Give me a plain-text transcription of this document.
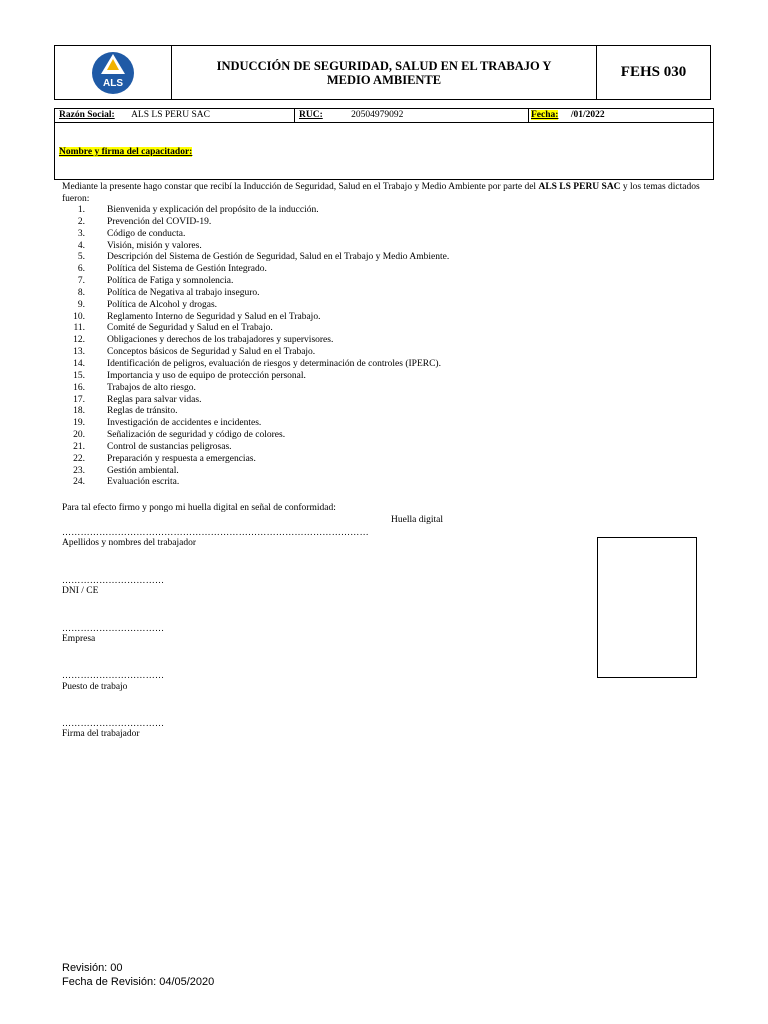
ALS
INDUCCIÓN DE SEGURIDAD, SALUD EN EL TRABAJO Y MEDIO AMBIENTE	FEHS 030
Razón Social: ALS LS PERU SAC	RUC:	20504979092	Fecha: /01/2022
Nombre y firma del capacitador:
Mediante la presente hago constar que recibí la Inducción de Seguridad, Salud en el Trabajo y Medio Ambiente por parte del ALS LS PERU SAC y los temas dictados fueron:
1. Bienvenida y explicación del propósito de la inducción.
2. Prevención del COVID-19.
3. Código de conducta.
4. Visión, misión y valores.
5. Descripción del Sistema de Gestión de Seguridad, Salud en el Trabajo y Medio Ambiente.
6. Política del Sistema de Gestión Integrado.
7. Política de Fatiga y somnolencia.
8. Política de Negativa al trabajo inseguro.
9. Política de Alcohol y drogas.
10. Reglamento Interno de Seguridad y Salud en el Trabajo.
11. Comité de Seguridad y Salud en el Trabajo.
12. Obligaciones y derechos de los trabajadores y supervisores.
13. Conceptos básicos de Seguridad y Salud en el Trabajo.
14. Identificación de peligros, evaluación de riesgos y determinación de controles (IPERC).
15. Importancia y uso de equipo de protección personal.
16. Trabajos de alto riesgo.
17. Reglas para salvar vidas.
18. Reglas de tránsito.
19. Investigación de accidentes e incidentes.
20. Señalización de seguridad y código de colores.
21. Control de sustancias peligrosas.
22. Preparación y respuesta a emergencias.
23. Gestión ambiental.
24. Evaluación escrita.
Para tal efecto firmo y pongo mi huella digital en señal de conformidad:
Huella digital
………………………………………………………………………………………
Apellidos y nombres del trabajador
……………………………
DNI / CE
……………………………
Empresa
……………………………
Puesto de trabajo
……………………………
Firma del trabajador
Revisión: 00
Fecha de Revisión: 04/05/2020
